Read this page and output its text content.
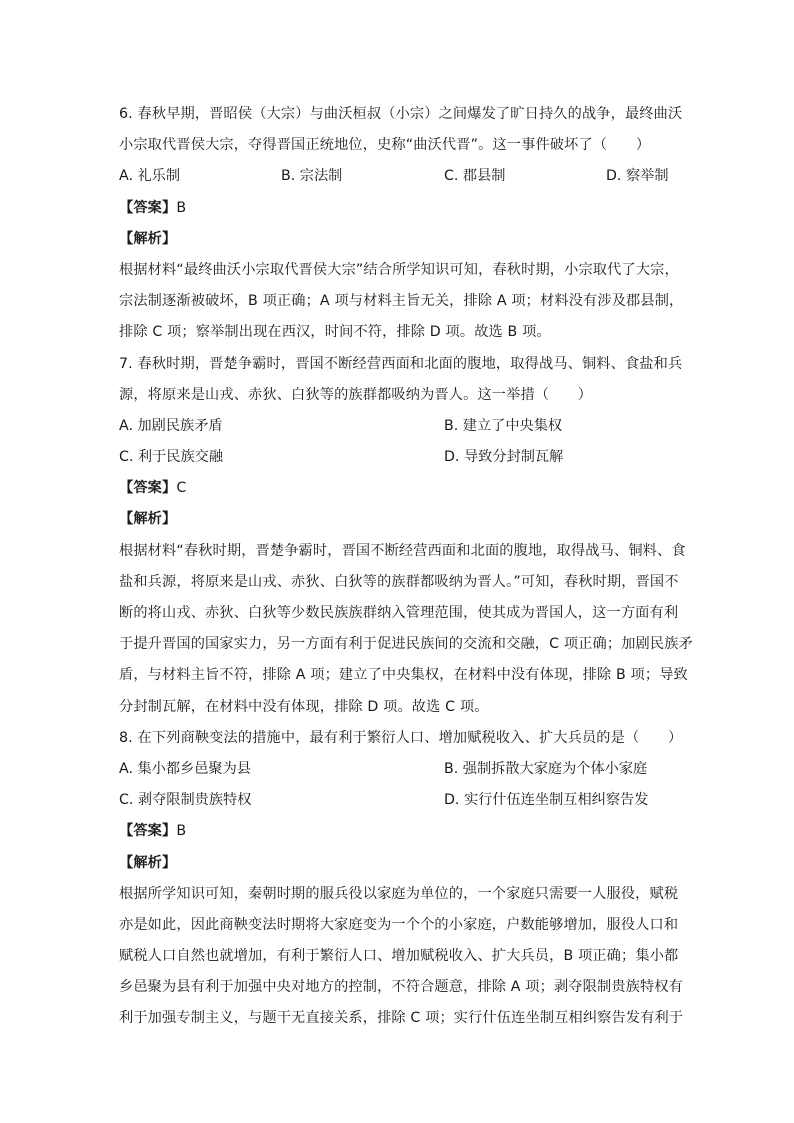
6. 春秋早期，晋昭侯（大宗）与曲沃桓叔（小宗）之间爆发了旷日持久的战争，最终曲沃
小宗取代晋侯大宗，夺得晋国正统地位，史称“曲沃代晋”。这一事件破坏了（　　）
A. 礼乐制	B. 宗法制	C. 郡县制	D. 察举制
【答案】B
【解析】
根据材料“最终曲沃小宗取代晋侯大宗”结合所学知识可知，春秋时期，小宗取代了大宗，
宗法制逐渐被破坏，B 项正确；A 项与材料主旨无关，排除 A 项；材料没有涉及郡县制，
排除 C 项；察举制出现在西汉，时间不符，排除 D 项。故选 B 项。
7. 春秋时期，晋楚争霸时，晋国不断经营西面和北面的腹地，取得战马、铜料、食盐和兵
源，将原来是山戎、赤狄、白狄等的族群都吸纳为晋人。这一举措（　　）
A. 加剧民族矛盾	B. 建立了中央集权
C. 利于民族交融	D. 导致分封制瓦解
【答案】C
【解析】
根据材料“春秋时期，晋楚争霸时，晋国不断经营西面和北面的腹地，取得战马、铜料、食
盐和兵源，将原来是山戎、赤狄、白狄等的族群都吸纳为晋人。”可知，春秋时期，晋国不
断的将山戎、赤狄、白狄等少数民族族群纳入管理范围，使其成为晋国人，这一方面有利
于提升晋国的国家实力，另一方面有利于促进民族间的交流和交融，C 项正确；加剧民族矛
盾，与材料主旨不符，排除 A 项；建立了中央集权，在材料中没有体现，排除 B 项；导致
分封制瓦解，在材料中没有体现，排除 D 项。故选 C 项。
8. 在下列商鞅变法的措施中，最有利于繁衍人口、增加赋税收入、扩大兵员的是（　　）
A. 集小都乡邑聚为县	B. 强制拆散大家庭为个体小家庭
C. 剥夺限制贵族特权	D. 实行什伍连坐制互相纠察告发
【答案】B
【解析】
根据所学知识可知，秦朝时期的服兵役以家庭为单位的，一个家庭只需要一人服役，赋税
亦是如此，因此商鞅变法时期将大家庭变为一个个的小家庭，户数能够增加，服役人口和
赋税人口自然也就增加，有利于繁衍人口、增加赋税收入、扩大兵员，B 项正确；集小都
乡邑聚为县有利于加强中央对地方的控制，不符合题意，排除 A 项；剥夺限制贵族特权有
利于加强专制主义，与题干无直接关系，排除 C 项；实行什伍连坐制互相纠察告发有利于
